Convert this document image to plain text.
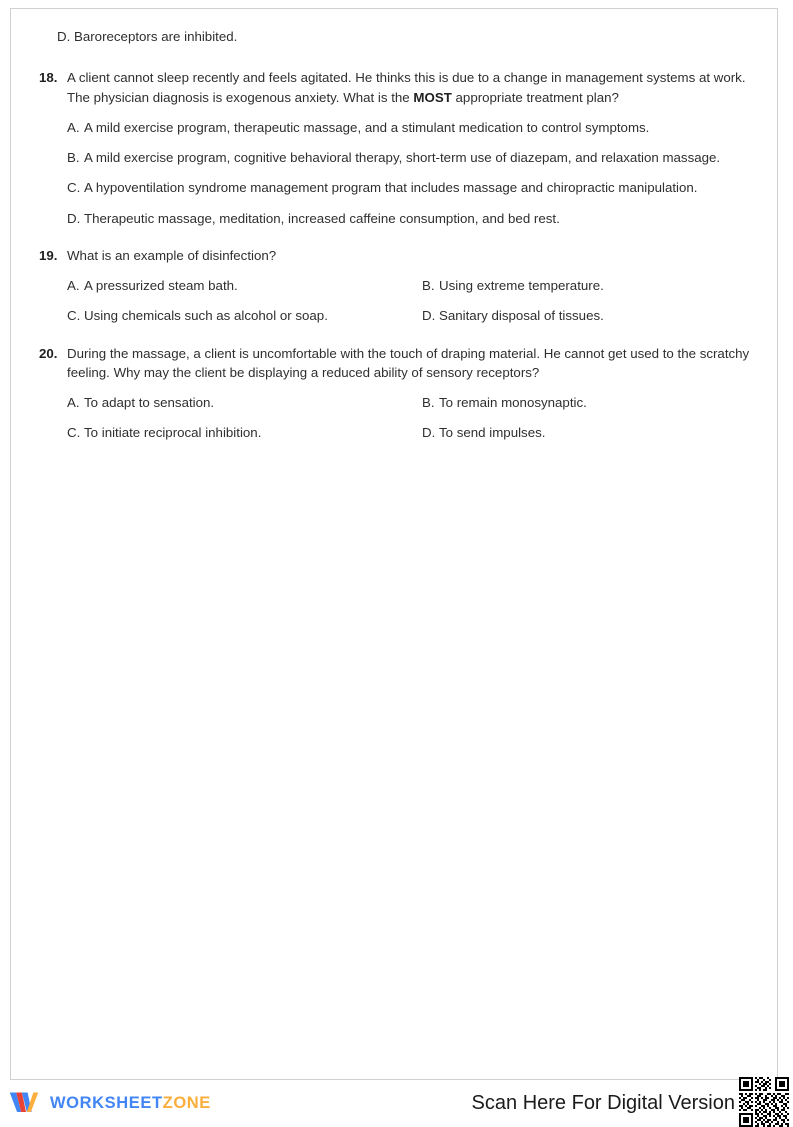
D. Baroreceptors are inhibited.
18. A client cannot sleep recently and feels agitated. He thinks this is due to a change in management systems at work. The physician diagnosis is exogenous anxiety. What is the MOST appropriate treatment plan?
A. A mild exercise program, therapeutic massage, and a stimulant medication to control symptoms.
B. A mild exercise program, cognitive behavioral therapy, short-term use of diazepam, and relaxation massage.
C. A hypoventilation syndrome management program that includes massage and chiropractic manipulation.
D. Therapeutic massage, meditation, increased caffeine consumption, and bed rest.
19. What is an example of disinfection?
A. A pressurized steam bath.	B. Using extreme temperature.
C. Using chemicals such as alcohol or soap.	D. Sanitary disposal of tissues.
20. During the massage, a client is uncomfortable with the touch of draping material. He cannot get used to the scratchy feeling. Why may the client be displaying a reduced ability of sensory receptors?
A. To adapt to sensation.	B. To remain monosynaptic.
C. To initiate reciprocal inhibition.	D. To send impulses.
WORKSHEETZONE	Scan Here For Digital Version
